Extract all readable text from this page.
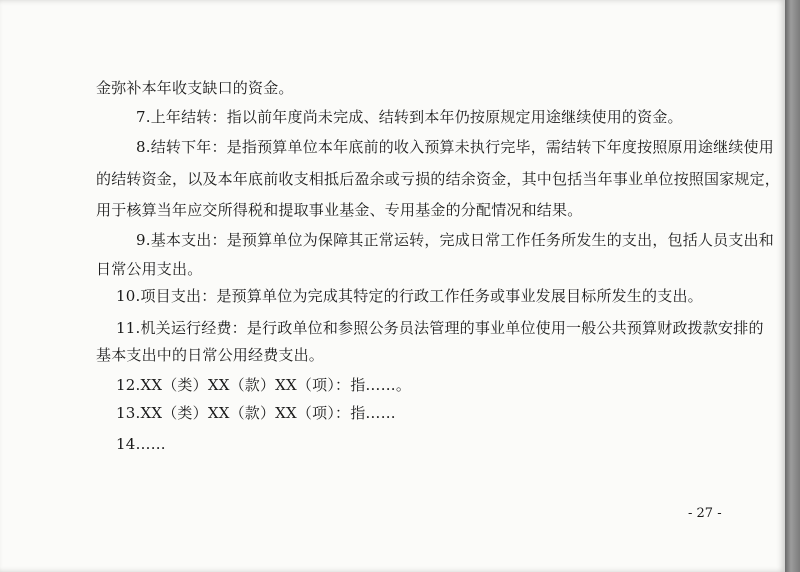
金弥补本年收支缺口的资金。
7.上年结转：指以前年度尚未完成、结转到本年仍按原规定用途继续使用的资金。
8.结转下年：是指预算单位本年底前的收入预算未执行完毕，需结转下年度按照原用途继续使用
的结转资金，以及本年底前收支相抵后盈余或亏损的结余资金，其中包括当年事业单位按照国家规定，
用于核算当年应交所得税和提取事业基金、专用基金的分配情况和结果。
9.基本支出：是预算单位为保障其正常运转，完成日常工作任务所发生的支出，包括人员支出和
日常公用支出。
10.项目支出：是预算单位为完成其特定的行政工作任务或事业发展目标所发生的支出。
11.机关运行经费：是行政单位和参照公务员法管理的事业单位使用一般公共预算财政拨款安排的
基本支出中的日常公用经费支出。
12.XX（类）XX（款）XX（项）：指……。
13.XX（类）XX（款）XX（项）：指……
14……
- 27 -
